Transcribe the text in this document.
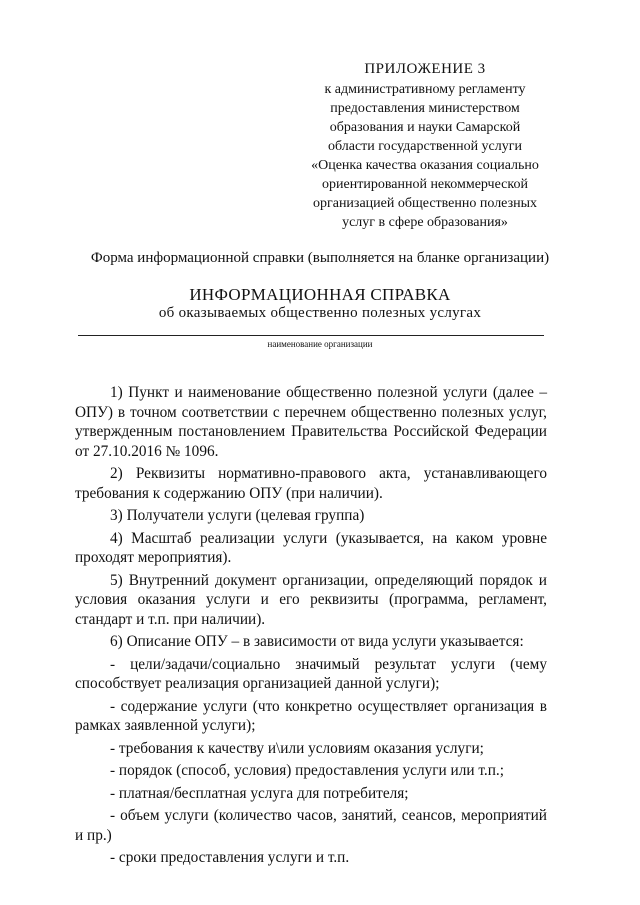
ПРИЛОЖЕНИЕ 3
к административному регламенту
предоставления министерством
образования и науки Самарской
области государственной услуги
«Оценка качества оказания социально
ориентированной некоммерческой
организацией общественно полезных
услуг в сфере образования»
Форма информационной справки (выполняется на бланке организации)
ИНФОРМАЦИОННАЯ СПРАВКА
об оказываемых общественно полезных услугах
наименование организации

1) Пункт и наименование общественно полезной услуги (далее – ОПУ) в точном соответствии с перечнем общественно полезных услуг, утвержденным постановлением Правительства Российской Федерации от 27.10.2016 № 1096.

2) Реквизиты нормативно-правового акта, устанавливающего требования к содержанию ОПУ (при наличии).

3) Получатели услуги (целевая группа)

4) Масштаб реализации услуги (указывается, на каком уровне проходят мероприятия).

5) Внутренний документ организации, определяющий порядок и условия оказания услуги и его реквизиты (программа, регламент, стандарт и т.п. при наличии).

6) Описание ОПУ – в зависимости от вида услуги указывается:

- цели/задачи/социально значимый результат услуги (чему способствует реализация организацией данной услуги);

- содержание услуги (что конкретно осуществляет организация в рамках заявленной услуги);

- требования к качеству и\или условиям оказания услуги;

- порядок (способ, условия) предоставления услуги или т.п.;

- платная/бесплатная услуга для потребителя;

- объем услуги (количество часов, занятий, сеансов, мероприятий и пр.)

- сроки предоставления услуги и т.п.
